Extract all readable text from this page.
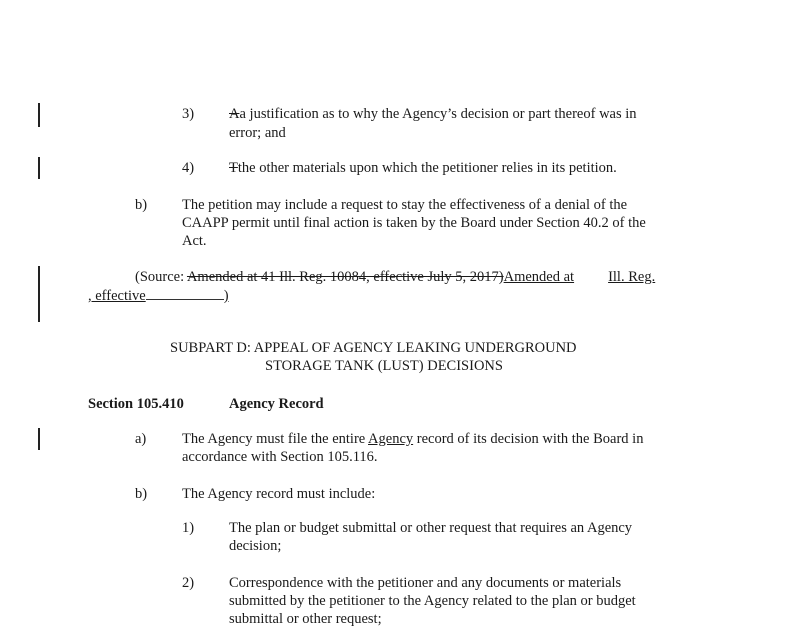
3) Aa justification as to why the Agency’s decision or part thereof was in
error; and
4) Tthe other materials upon which the petitioner relies in its petition.
b) The petition may include a request to stay the effectiveness of a denial of the
CAAPP permit until final action is taken by the Board under Section 40.2 of the
Act.
(Source: Amended at 41 Ill. Reg. 10084, effective July 5, 2017)Amended at Ill. Reg.
, effective	)
SUBPART D: APPEAL OF AGENCY LEAKING UNDERGROUND
STORAGE TANK (LUST) DECISIONS
Section 105.410	Agency Record
a) The Agency must file the entire Agency record of its decision with the Board in
accordance with Section 105.116.
b) The Agency record must include:
1) The plan or budget submittal or other request that requires an Agency
decision;
2) Correspondence with the petitioner and any documents or materials
submitted by the petitioner to the Agency related to the plan or budget
submittal or other request;
